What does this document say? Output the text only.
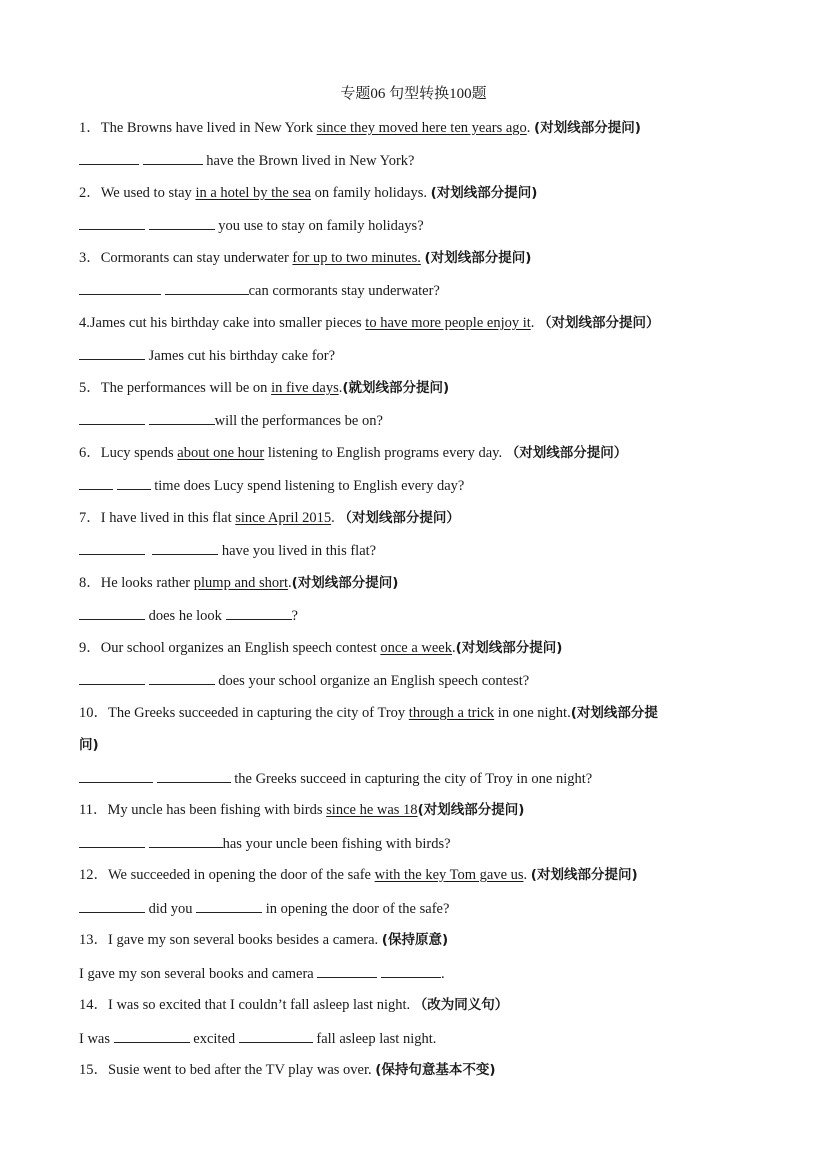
专题06 句型转换100题
1．The Browns have lived in New York since they moved here ten years ago. (对划线部分提问)
have the Brown lived in New York?
2．We used to stay in a hotel by the sea on family holidays. (对划线部分提问)
you use to stay on family holidays?
3．Cormorants can stay underwater for up to two minutes. (对划线部分提问)
can cormorants stay underwater?
4.James cut his birthday cake into smaller pieces to have more people enjoy it. （对划线部分提问）
James cut his birthday cake for?
5．The performances will be on in five days.(就划线部分提问)
will the performances be on?
6．Lucy spends about one hour listening to English programs every day. （对划线部分提问）
time does Lucy spend listening to English every day?
7．I have lived in this flat since April 2015. （对划线部分提问）
have you lived in this flat?
8．He looks rather plump and short.(对划线部分提问)
does he look	?
9．Our school organizes an English speech contest once a week.(对划线部分提问)
does your school organize an English speech contest?
10．The Greeks succeeded in capturing the city of Troy through a trick in one night.(对划线部分提
问)
the Greeks succeed in capturing the city of Troy in one night?
11．My uncle has been fishing with birds since he was 18(对划线部分提问)
has your uncle been fishing with birds?
12．We succeeded in opening the door of the safe with the key Tom gave us. (对划线部分提问)
did you	in opening the door of the safe?
13．I gave my son several books besides a camera. (保持原意)
I gave my son several books and camera	.
14．I was so excited that I couldn’t fall asleep last night. （改为同义句）
I was	excited	fall asleep last night.
15．Susie went to bed after the TV play was over. (保持句意基本不变)
